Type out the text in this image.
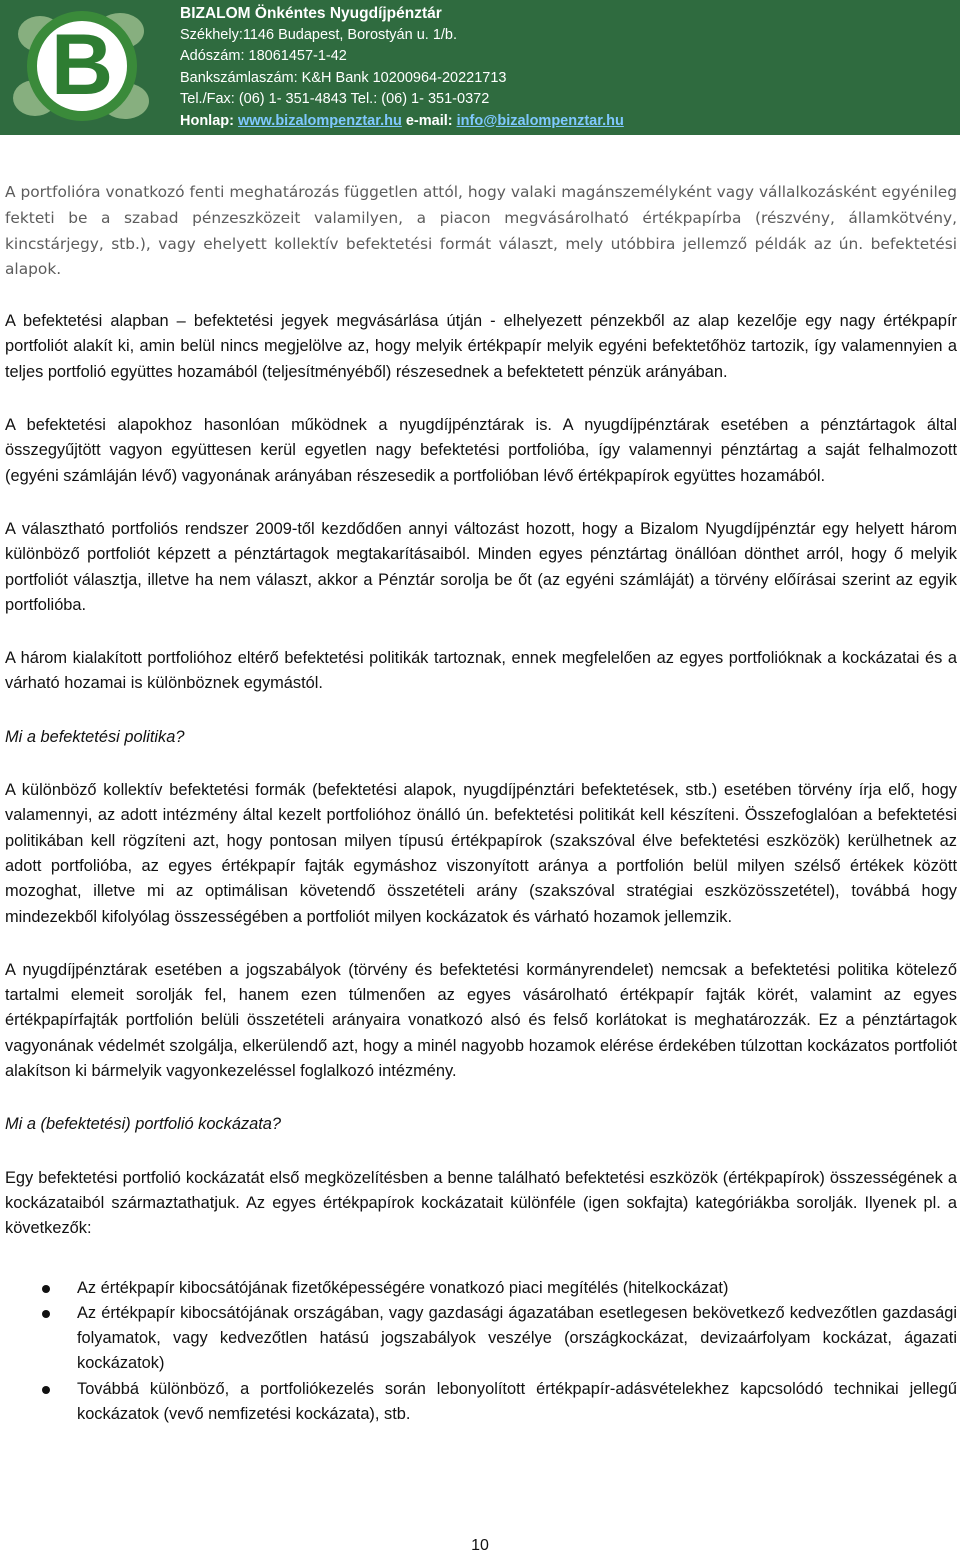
B
BIZALOM Önkéntes Nyugdíjpénztár
Székhely:1146 Budapest, Borostyán u. 1/b.
Adószám: 18061457-1-42
Bankszámlaszám: K&H Bank 10200964-20221713
Tel./Fax: (06) 1- 351-4843 Tel.: (06) 1- 351-0372
Honlap: www.bizalompenztar.hu e-mail: info@bizalompenztar.hu

A portfolióra vonatkozó fenti meghatározás független attól, hogy valaki magánszemélyként vagy vállalkozásként egyénileg fekteti be a szabad pénzeszközeit valamilyen, a piacon megvásárolható értékpapírba (részvény, államkötvény, kincstárjegy, stb.), vagy ehelyett kollektív befektetési formát választ, mely utóbbira jellemző példák az ún. befektetési alapok.

A befektetési alapban – befektetési jegyek megvásárlása útján - elhelyezett pénzekből az alap kezelője egy nagy értékpapír portfoliót alakít ki, amin belül nincs megjelölve az, hogy melyik értékpapír melyik egyéni befektetőhöz tartozik, így valamennyien a teljes portfolió együttes hozamából (teljesítményéből) részesednek a befektetett pénzük arányában.

A befektetési alapokhoz hasonlóan működnek a nyugdíjpénztárak is. A nyugdíjpénztárak esetében a pénztártagok által összegyűjtött vagyon együttesen kerül egyetlen nagy befektetési portfolióba, így valamennyi pénztártag a saját felhalmozott (egyéni számláján lévő) vagyonának arányában részesedik a portfolióban lévő értékpapírok együttes hozamából.

A választható portfoliós rendszer 2009-től kezdődően annyi változást hozott, hogy a Bizalom Nyugdíjpénztár egy helyett három különböző portfoliót képzett a pénztártagok megtakarításaiból. Minden egyes pénztártag önállóan dönthet arról, hogy ő melyik portfoliót választja, illetve ha nem választ, akkor a Pénztár sorolja be őt (az egyéni számláját) a törvény előírásai szerint az egyik portfolióba.

A három kialakított portfolióhoz eltérő befektetési politikák tartoznak, ennek megfelelően az egyes portfolióknak a kockázatai és a várható hozamai is különböznek egymástól.

Mi a befektetési politika?

A különböző kollektív befektetési formák (befektetési alapok, nyugdíjpénztári befektetések, stb.) esetében törvény írja elő, hogy valamennyi, az adott intézmény által kezelt portfolióhoz önálló ún. befektetési politikát kell készíteni. Összefoglalóan a befektetési politikában kell rögzíteni azt, hogy pontosan milyen típusú értékpapírok (szakszóval élve befektetési eszközök) kerülhetnek az adott portfolióba, az egyes értékpapír fajták egymáshoz viszonyított aránya a portfolión belül milyen szélső értékek között mozoghat, illetve mi az optimálisan követendő összetételi arány (szakszóval stratégiai eszközösszetétel), továbbá hogy mindezekből kifolyólag összességében a portfoliót milyen kockázatok és várható hozamok jellemzik.

A nyugdíjpénztárak esetében a jogszabályok (törvény és befektetési kormányrendelet) nemcsak a befektetési politika kötelező tartalmi elemeit sorolják fel, hanem ezen túlmenően az egyes vásárolható értékpapír fajták körét, valamint az egyes értékpapírfajták portfolión belüli összetételi arányaira vonatkozó alsó és felső korlátokat is meghatározzák. Ez a pénztártagok vagyonának védelmét szolgálja, elkerülendő azt, hogy a minél nagyobb hozamok elérése érdekében túlzottan kockázatos portfoliót alakítson ki bármelyik vagyonkezeléssel foglalkozó intézmény.

Mi a (befektetési) portfolió kockázata?

Egy befektetési portfolió kockázatát első megközelítésben a benne található befektetési eszközök (értékpapírok) összességének a kockázataiból származtathatjuk. Az egyes értékpapírok kockázatait különféle (igen sokfajta) kategóriákba sorolják. Ilyenek pl. a következők:

Az értékpapír kibocsátójának fizetőképességére vonatkozó piaci megítélés (hitelkockázat)
Az értékpapír kibocsátójának országában, vagy gazdasági ágazatában esetlegesen bekövetkező kedvezőtlen gazdasági folyamatok, vagy kedvezőtlen hatású jogszabályok veszélye (országkockázat, devizaárfolyam kockázat, ágazati kockázatok)
Továbbá különböző, a portfoliókezelés során lebonyolított értékpapír-adásvételekhez kapcsolódó technikai jellegű kockázatok (vevő nemfizetési kockázata), stb.
10
